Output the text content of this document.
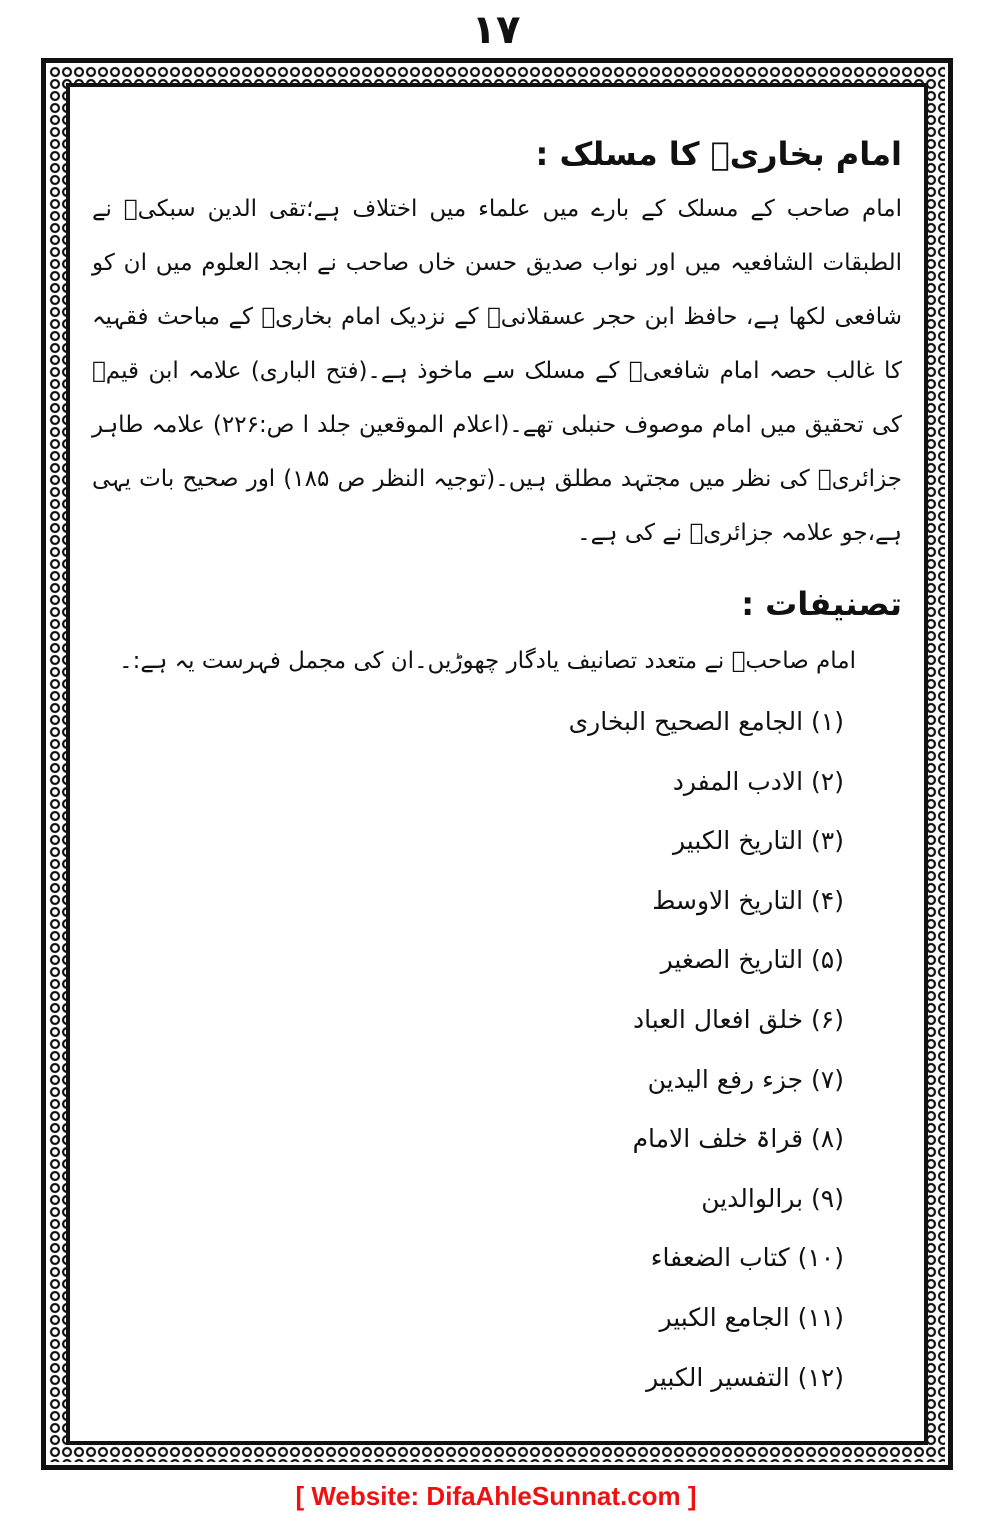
۱۷
امام بخاریؒ کا مسلک :

امام صاحب کے مسلک کے بارے میں علماء میں اختلاف ہے؛تقی الدین سبکیؒ نے الطبقات الشافعیہ میں اور نواب صدیق حسن خاں صاحب نے ابجد العلوم میں ان کو شافعی لکھا ہے، حافظ ابن حجر عسقلانیؒ کے نزدیک امام بخاریؒ کے مباحث فقہیہ کا غالب حصہ امام شافعیؒ کے مسلک سے ماخوذ ہے۔(فتح الباری) علامہ ابن قیمؒ کی تحقیق میں امام موصوف حنبلی تھے۔(اعلام الموقعین جلد ا ص:۲۲۶) علامہ طاہر جزائریؒ کی نظر میں مجتہد مطلق ہیں۔(توجیہ النظر ص ۱۸۵) اور صحیح بات یہی ہے،جو علامہ جزائریؒ نے کی ہے۔

تصنیفات :

امام صاحبؒ نے متعدد تصانیف یادگار چھوڑیں۔ان کی مجمل فہرست یہ ہے:۔

(۱) الجامع الصحیح البخاری
(۲) الادب المفرد
(۳) التاریخ الکبیر
(۴) التاریخ الاوسط
(۵) التاریخ الصغیر
(۶) خلق افعال العباد
(۷) جزء رفع الیدین
(۸) قراۃ خلف الامام
(۹) برالوالدین
(۱۰) کتاب الضعفاء
(۱۱) الجامع الکبیر
(۱۲) التفسیر الکبیر
[ Website: DifaAhleSunnat.com ]
